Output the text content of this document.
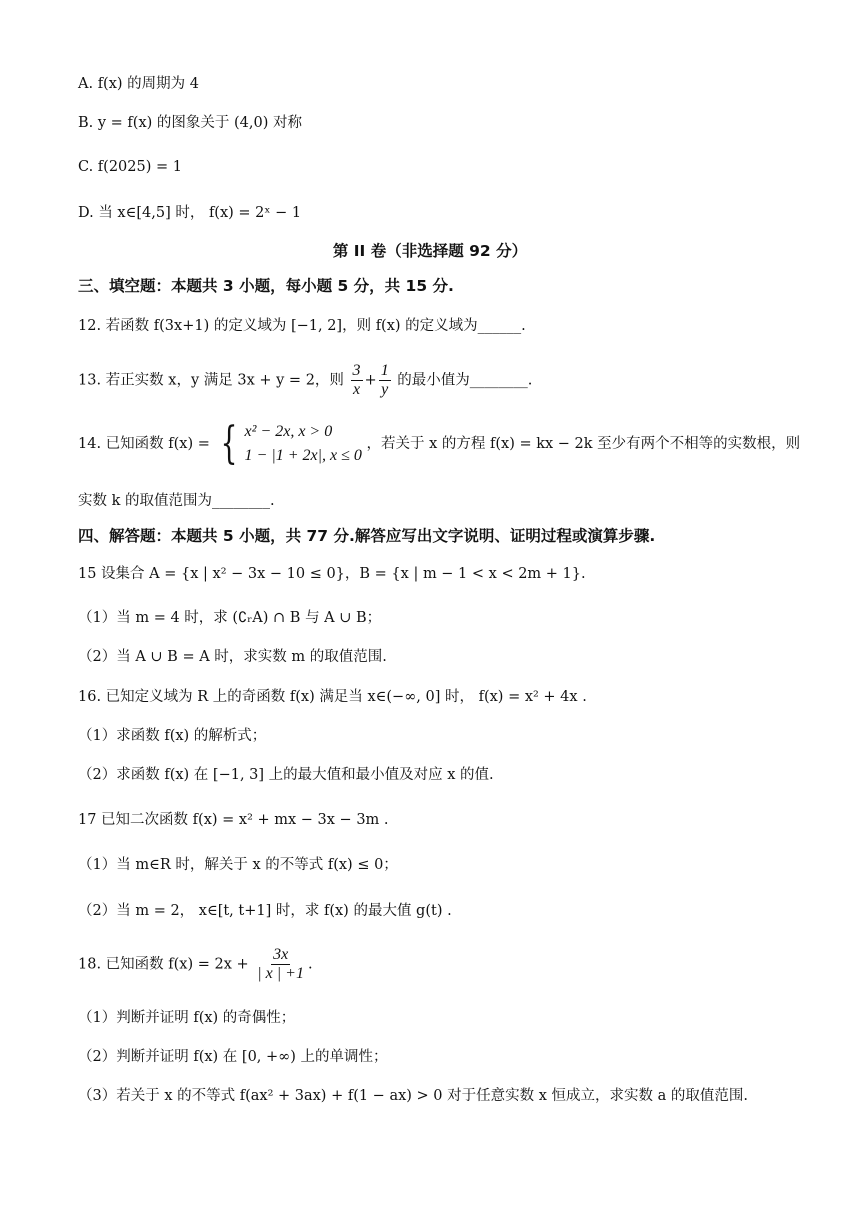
A. f(x) 的周期为 4
B. y = f(x) 的图象关于 (4,0) 对称
C. f(2025) = 1
D. 当 x∈[4,5] 时， f(x) = 2ˣ − 1
第 II 卷（非选择题 92 分）
三、填空题：本题共 3 小题，每小题 5 分，共 15 分.
12. 若函数 f(3x+1) 的定义域为 [−1, 2]，则 f(x) 的定义域为______.
13. 若正实数 x，y 满足 3x + y = 2，则 $\frac{3}{x} + \frac{1}{y}$ 的最小值为________.
14. 已知函数 f(x) = { x² − 2x, x > 0
1 − |1 + 2x|, x ≤ 0
，若关于 x 的方程 f(x) = kx − 2k 至少有两个不相等的实数根，则
实数 k 的取值范围为________.
四、解答题：本题共 5 小题，共 77 分.解答应写出文字说明、证明过程或演算步骤.
15 设集合 A = {x | x² − 3x − 10 ≤ 0}，B = {x | m − 1 < x < 2m + 1}.
（1）当 m = 4 时，求 (∁ᵣA) ∩ B 与 A ∪ B；
（2）当 A ∪ B = A 时，求实数 m 的取值范围.
16. 已知定义域为 R 上的奇函数 f(x) 满足当 x∈(−∞, 0] 时， f(x) = x² + 4x .
（1）求函数 f(x) 的解析式；
（2）求函数 f(x) 在 [−1, 3] 上的最大值和最小值及对应 x 的值.
17 已知二次函数 f(x) = x² + mx − 3x − 3m .
（1）当 m∈R 时，解关于 x 的不等式 f(x) ≤ 0；
（2）当 m = 2， x∈[t, t+1] 时，求 f(x) 的最大值 g(t) .
18. 已知函数 $f(x) = 2x + \frac{3x}{| x | +1}$ .
（1）判断并证明 f(x) 的奇偶性；
（2）判断并证明 f(x) 在 [0, +∞) 上的单调性；
（3）若关于 x 的不等式 f(ax² + 3ax) + f(1 − ax) > 0 对于任意实数 x 恒成立，求实数 a 的取值范围.
